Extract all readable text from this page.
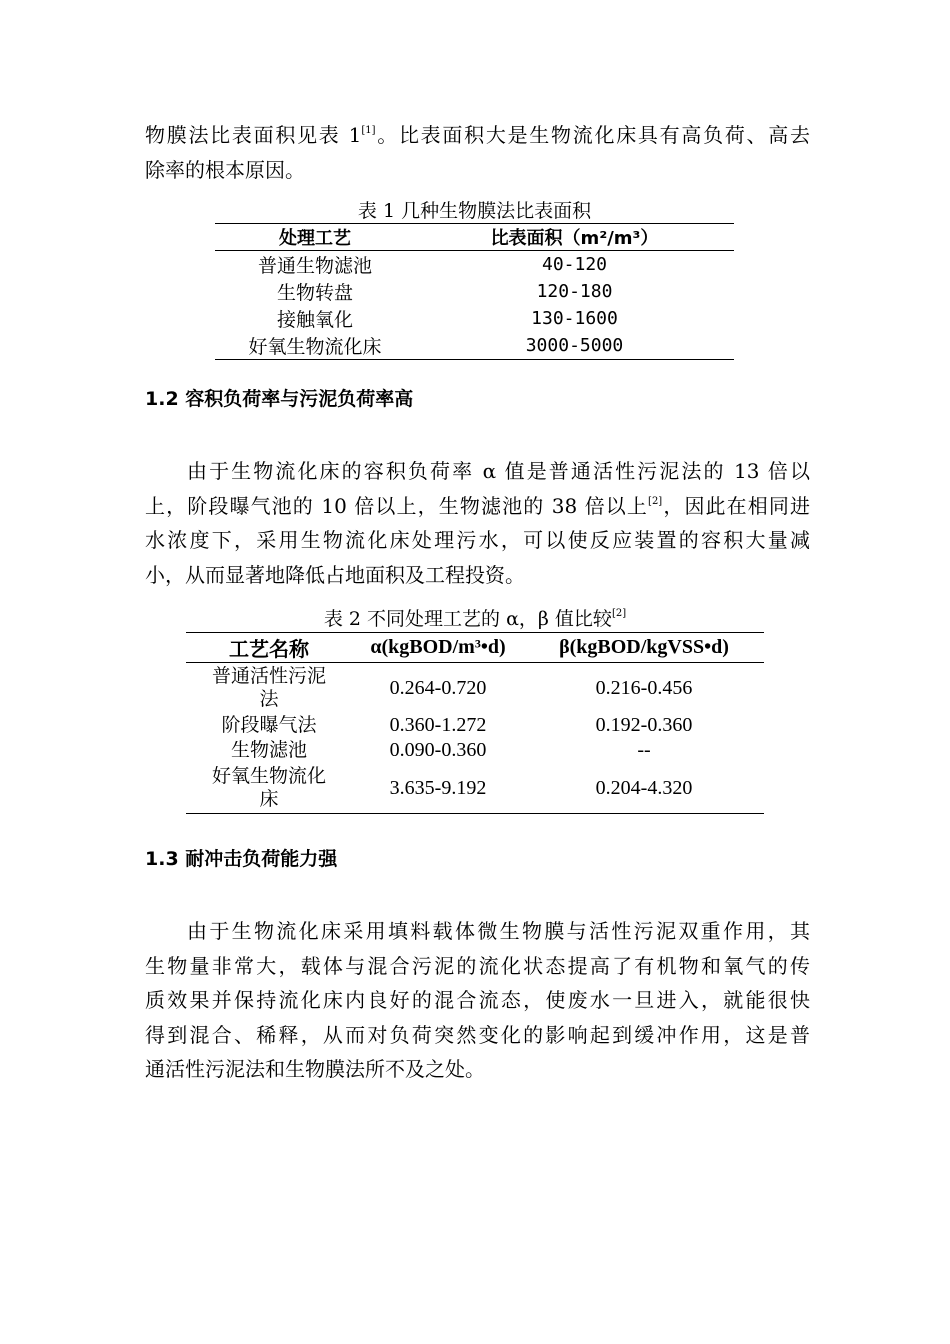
物膜法比表面积见表 1[1]。比表面积大是生物流化床具有高负荷、高去
除率的根本原因。

表 1 几种生物膜法比表面积

处理工艺	比表面积（m²/m³）
普通生物滤池	40-120
生物转盘	120-180
接触氧化	130-1600
好氧生物流化床	3000-5000
1.2 容积负荷率与污泥负荷率高

由于生物流化床的容积负荷率 α 值是普通活性污泥法的 13 倍以
上，阶段曝气池的 10 倍以上，生物滤池的 38 倍以上[2]，因此在相同进
水浓度下，采用生物流化床处理污水，可以使反应装置的容积大量减
小，从而显著地降低占地面积及工程投资。

表 2 不同处理工艺的 α，β 值比较[2]

工艺名称	α(kgBOD/m³•d)	β(kgBOD/kgVSS•d)
普通活性污泥
法	0.264-0.720	0.216-0.456
阶段曝气法	0.360-1.272	0.192-0.360
生物滤池	0.090-0.360	--
好氧生物流化
床	3.635-9.192	0.204-4.320
1.3 耐冲击负荷能力强

由于生物流化床采用填料载体微生物膜与活性污泥双重作用，其
生物量非常大，载体与混合污泥的流化状态提高了有机物和氧气的传
质效果并保持流化床内良好的混合流态，使废水一旦进入，就能很快
得到混合、稀释，从而对负荷突然变化的影响起到缓冲作用，这是普
通活性污泥法和生物膜法所不及之处。
